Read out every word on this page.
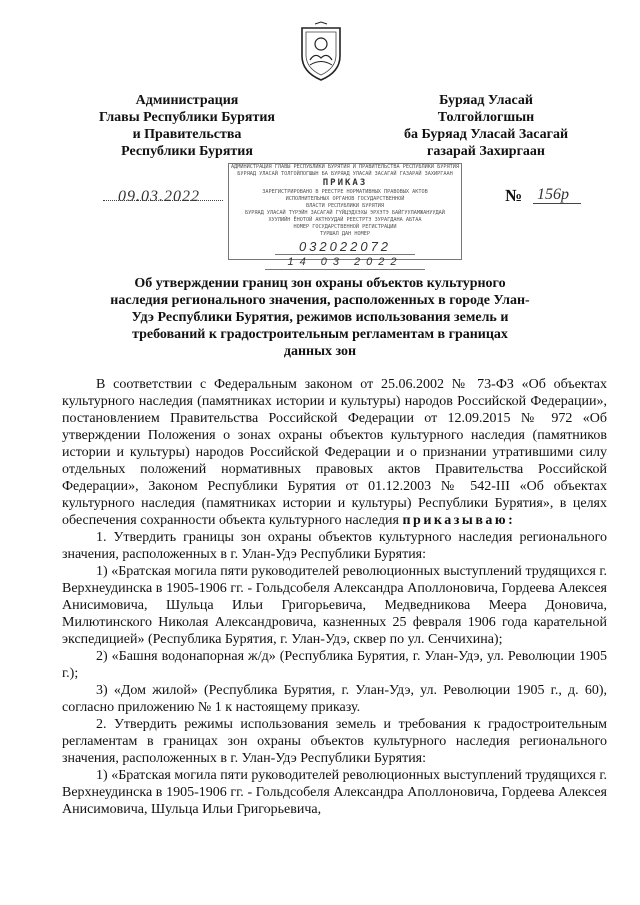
Администрация
Главы Республики Бурятия
и Правительства
Республики Бурятия
Буряад Уласай
Толгойлогшын
ба Буряад Уласай Засагай
газарай Захиргаан
09.03.2022	№ 156р
АДМИНИСТРАЦИЯ ГЛАВЫ РЕСПУБЛИКИ БУРЯТИЯ И ПРАВИТЕЛЬСТВА РЕСПУБЛИКИ БУРЯТИЯ
БУРЯАД УЛАСАЙ ТОЛГОЙЛОГШЫН БА БУРЯАД УЛАСАЙ ЗАСАГАЙ ГАЗАРАЙ ЗАХИРГААН
ПРИКАЗ
ЗАРЕГИСТРИРОВАНО В РЕЕСТРЕ НОРМАТИВНЫХ ПРАВОВЫХ АКТОВ
ИСПОЛНИТЕЛЬНЫХ ОРГАНОВ ГОСУДАРСТВЕННОЙ
ВЛАСТИ РЕСПУБЛИКИ БУРЯТИЯ
БУРЯАД УЛАСАЙ ТҮРЭЙН ЗАСАГАЙ ГҮЙЦЭДХЭХЫ ЭРХЭТЭ БАЙГУУЛАМЖАНУУДАЙ
ХУУЛИЙН ЁНОТОЙ АКТНУУДАЙ РЕЕСТРТЭ ЗУРАГДАНА АБТАА
НОМЕР ГОСУДАРСТВЕННОЙ РЕГИСТРАЦИИ
ТУРШАЛ ДАН НОМЕР
032022072
14 03 2022
Об утверждении границ зон охраны объектов культурного наследия регионального значения, расположенных в городе Улан-Удэ Республики Бурятия, режимов использования земель и требований к градостроительным регламентам в границах данных зон

В соответствии с Федеральным законом от 25.06.2002 № 73-ФЗ «Об объектах культурного наследия (памятниках истории и культуры) народов Российской Федерации», постановлением Правительства Российской Федерации от 12.09.2015 № 972 «Об утверждении Положения о зонах охраны объектов культурного наследия (памятников истории и культуры) народов Российской Федерации и о признании утратившими силу отдельных положений нормативных правовых актов Правительства Российской Федерации», Законом Республики Бурятия от 01.12.2003 № 542-III «Об объектах культурного наследия (памятниках истории и культуры) Республики Бурятия», в целях обеспечения сохранности объекта культурного наследия приказываю:

1. Утвердить границы зон охраны объектов культурного наследия регионального значения, расположенных в г. Улан-Удэ Республики Бурятия:

1) «Братская могила пяти руководителей революционных выступлений трудящихся г. Верхнеудинска в 1905-1906 гг. - Гольдсобеля Александра Аполлоновича, Гордеева Алексея Анисимовича, Шульца Ильи Григорьевича, Медведникова Меера Доновича, Милютинского Николая Александровича, казненных 25 февраля 1906 года карательной экспедицией» (Республика Бурятия, г. Улан-Удэ, сквер по ул. Сенчихина);

2) «Башня водонапорная ж/д» (Республика Бурятия, г. Улан-Удэ, ул. Революции 1905 г.);

3) «Дом жилой» (Республика Бурятия, г. Улан-Удэ, ул. Революции 1905 г., д. 60), согласно приложению № 1 к настоящему приказу.

2. Утвердить режимы использования земель и требования к градостроительным регламентам в границах зон охраны объектов культурного наследия регионального значения, расположенных в г. Улан-Удэ Республики Бурятия:

1) «Братская могила пяти руководителей революционных выступлений трудящихся г. Верхнеудинска в 1905-1906 гг. - Гольдсобеля Александра Аполлоновича, Гордеева Алексея Анисимовича, Шульца Ильи Григорьевича,
